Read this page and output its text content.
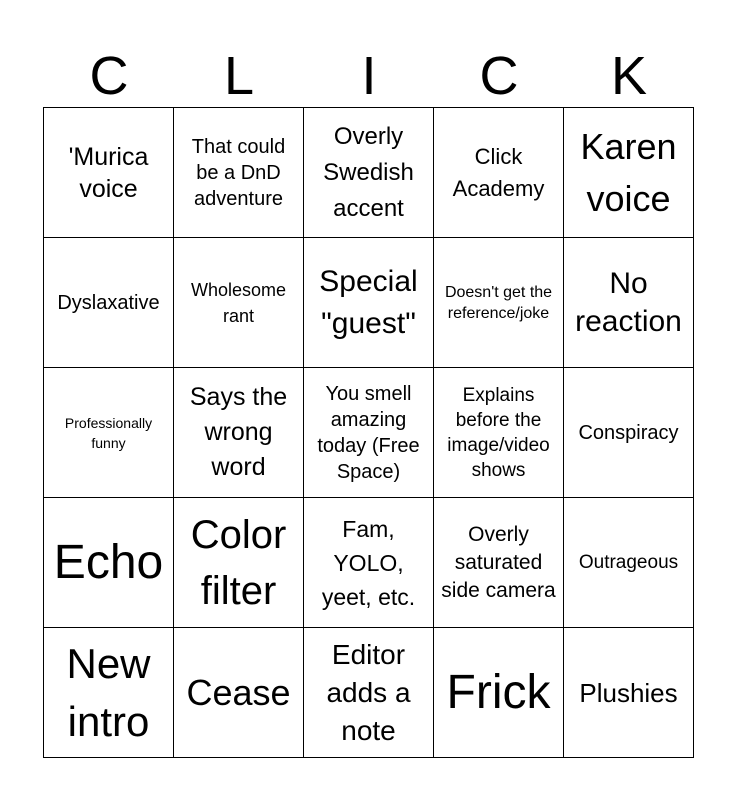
C	L	I	C	K
'Murica voice	That could be a DnD adventure	Overly Swedish accent	Click Academy	Karen voice

Dyslaxative	Wholesome rant	Special "guest"	Doesn't get the reference/joke	No reaction

Professionally funny	Says the wrong word	You smell amazing today (Free Space)	Explains before the image/video shows	Conspiracy

Echo	Color filter	Fam, YOLO, yeet, etc.	Overly saturated side camera	Outrageous

New intro	Cease	Editor adds a note	Frick	Plushies
